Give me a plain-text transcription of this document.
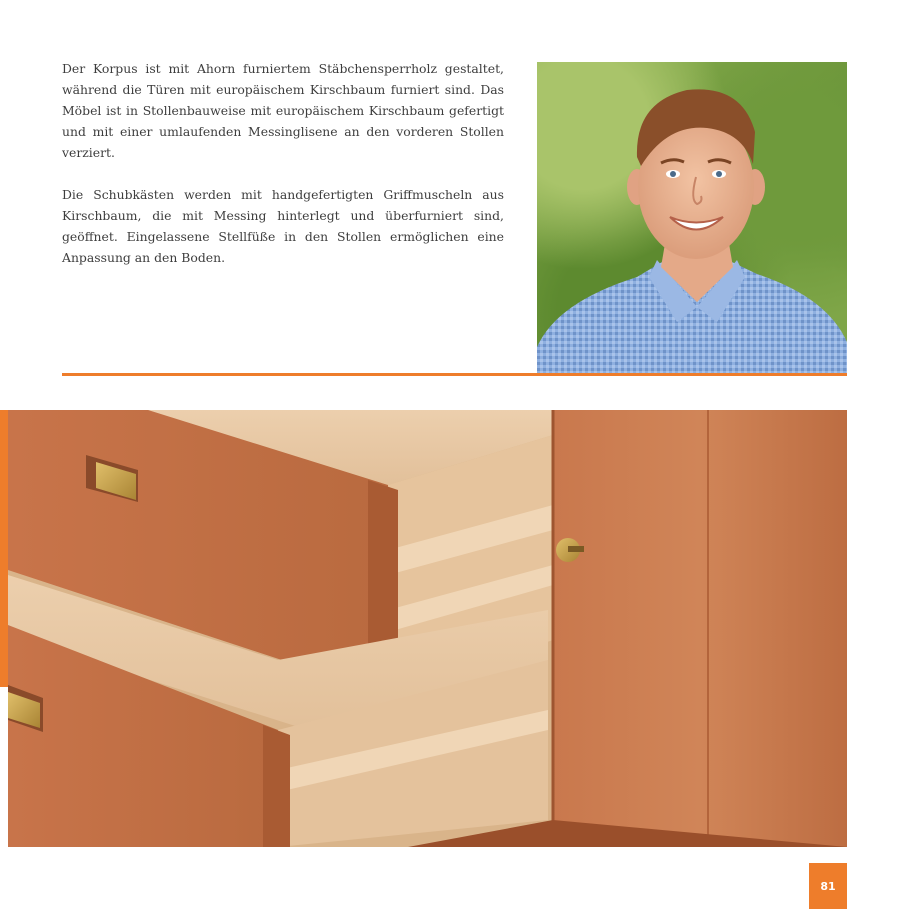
Der Korpus ist mit Ahorn furniertem Stäbchensperrholz gestaltet, während die Türen mit europäischem Kirschbaum furniert sind. Das Möbel ist in Stollenbauweise mit europäischem Kirschbaum gefertigt und mit einer umlaufenden Messinglisene an den vorderen Stollen verziert.

Die Schubkästen werden mit handgefertigten Griffmuscheln aus Kirschbaum, die mit Messing hinterlegt und überfurniert sind, geöffnet. Eingelassene Stellfüße in den Stollen ermöglichen eine Anpassung an den Boden.

81
